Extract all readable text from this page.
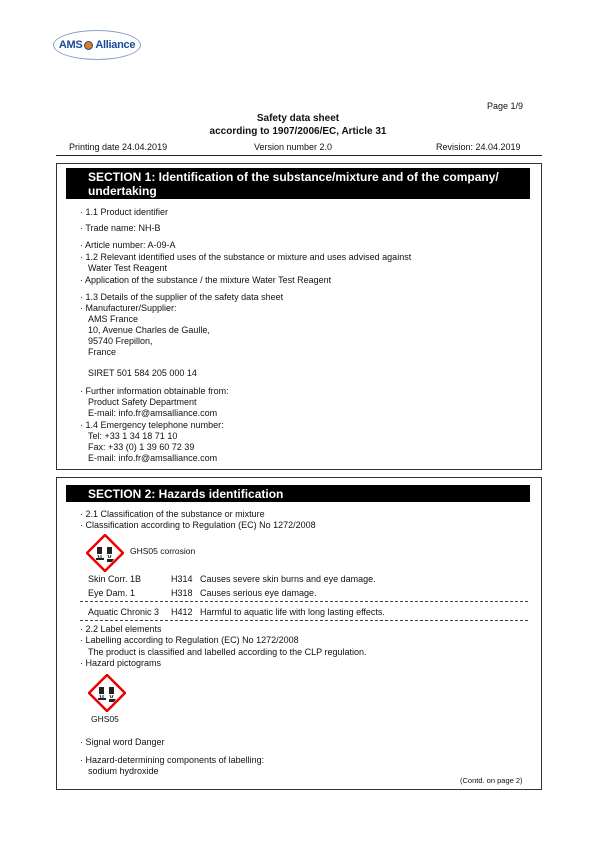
AMS Alliance
Page 1/9
Safety data sheet
according to 1907/2006/EC, Article 31
Printing date 24.04.2019	Version number 2.0	Revision: 24.04.2019
SECTION 1: Identification of the substance/mixture and of the company/ undertaking
· 1.1 Product identifier
· Trade name: NH-B
· Article number: A-09-A
· 1.2 Relevant identified uses of the substance or mixture and uses advised against
Water Test Reagent
· Application of the substance / the mixture Water Test Reagent
· 1.3 Details of the supplier of the safety data sheet
· Manufacturer/Supplier:
AMS France
10, Avenue Charles de Gaulle,
95740 Frepillon,
France
SIRET 501 584 205 000 14
· Further information obtainable from:
Product Safety Department
E-mail: info.fr@amsalliance.com
· 1.4 Emergency telephone number:
Tel: +33 1 34 18 71 10
Fax: +33 (0) 1 39 60 72 39
E-mail: info.fr@amsalliance.com
SECTION 2: Hazards identification
· 2.1 Classification of the substance or mixture
· Classification according to Regulation (EC) No 1272/2008
GHS05 corrosion
Skin Corr. 1B	H314 Causes severe skin burns and eye damage.
Eye Dam. 1	H318 Causes serious eye damage.
Aquatic Chronic 3 H412 Harmful to aquatic life with long lasting effects.
· 2.2 Label elements
· Labelling according to Regulation (EC) No 1272/2008
The product is classified and labelled according to the CLP regulation.
· Hazard pictograms
GHS05
· Signal word Danger
· Hazard-determining components of labelling:
sodium hydroxide
(Contd. on page 2)
